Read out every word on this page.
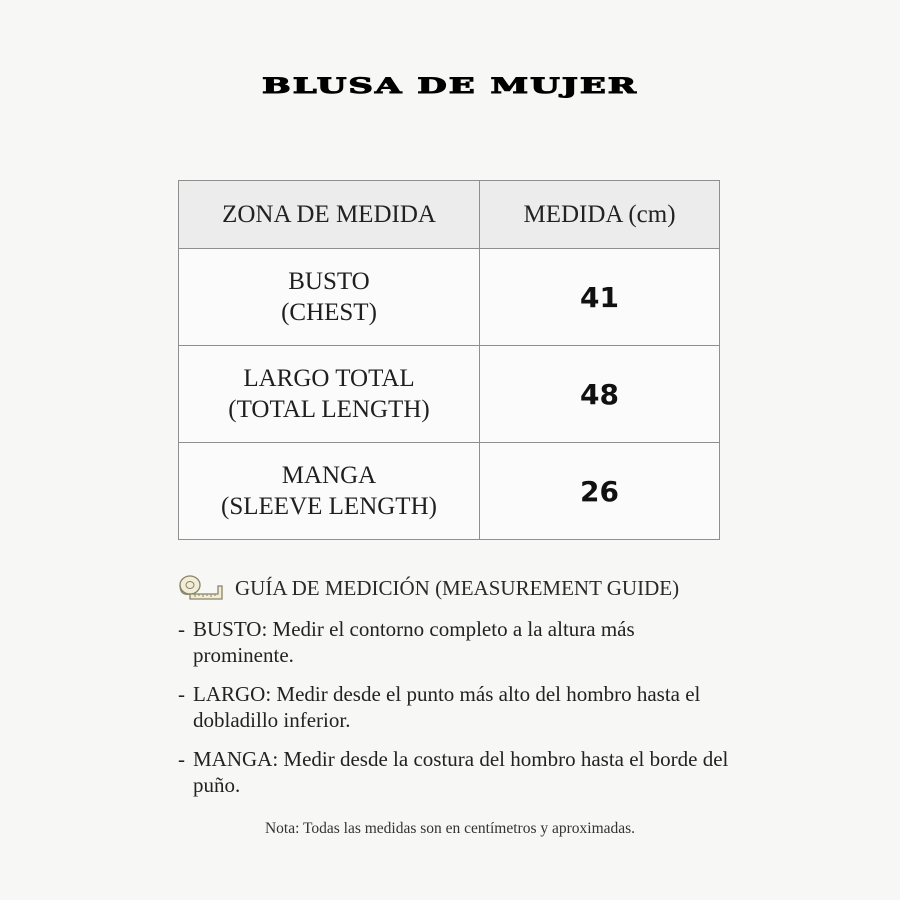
BLUSA DE MUJER
ZONA DE MEDIDA	MEDIDA (cm)

BUSTO
(CHEST)	41

LARGO TOTAL
(TOTAL LENGTH)	48

MANGA
(SLEEVE LENGTH)	26
GUÍA DE MEDICIÓN (MEASUREMENT GUIDE)
- BUSTO: Medir el contorno completo a la altura más prominente.
- LARGO: Medir desde el punto más alto del hombro hasta el dobladillo inferior.
- MANGA: Medir desde la costura del hombro hasta el borde del puño.
Nota: Todas las medidas son en centímetros y aproximadas.
